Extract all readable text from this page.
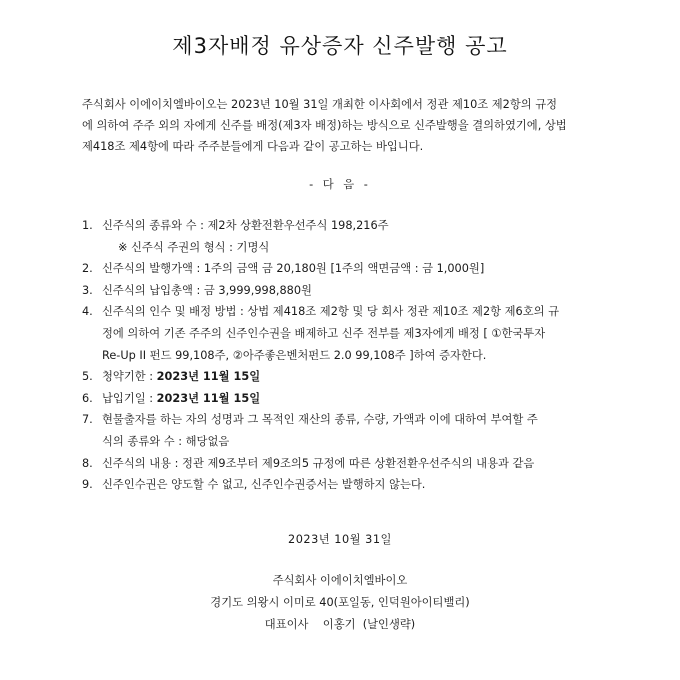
제3자배정 유상증자 신주발행 공고
주식회사 이에이치엘바이오는 2023년 10월 31일 개최한 이사회에서 정관 제10조 제2항의 규정
에 의하여 주주 외의 자에게 신주를 배정(제3자 배정)하는 방식으로 신주발행을 결의하였기에, 상법
제418조 제4항에 따라 주주분들에게 다음과 같이 공고하는 바입니다.
- 다 음 -
1. 신주식의 종류와 수 : 제2차 상환전환우선주식 198,216주
※ 신주식 주권의 형식 : 기명식
2. 신주식의 발행가액 : 1주의 금액 금 20,180원 [1주의 액면금액 : 금 1,000원]
3. 신주식의 납입총액 : 금 3,999,998,880원
4. 신주식의 인수 및 배정 방법 : 상법 제418조 제2항 및 당 회사 정관 제10조 제2항 제6호의 규
정에 의하여 기존 주주의 신주인수권을 배제하고 신주 전부를 제3자에게 배정 [ ①한국투자
Re-Up II 펀드 99,108주, ②아주좋은벤처펀드 2.0 99,108주 ]하여 증자한다.
5. 청약기한 : 2023년 11월 15일
6. 납입기일 : 2023년 11월 15일
7. 현물출자를 하는 자의 성명과 그 목적인 재산의 종류, 수량, 가액과 이에 대하여 부여할 주
식의 종류와 수 : 해당없음
8. 신주식의 내용 : 정관 제9조부터 제9조의5 규정에 따른 상환전환우선주식의 내용과 같음
9. 신주인수권은 양도할 수 없고, 신주인수권증서는 발행하지 않는다.
2023년 10월 31일
주식회사 이에이치엘바이오
경기도 의왕시 이미로 40(포일동, 인덕원아이티밸리)
대표이사    이홍기  (날인생략)
